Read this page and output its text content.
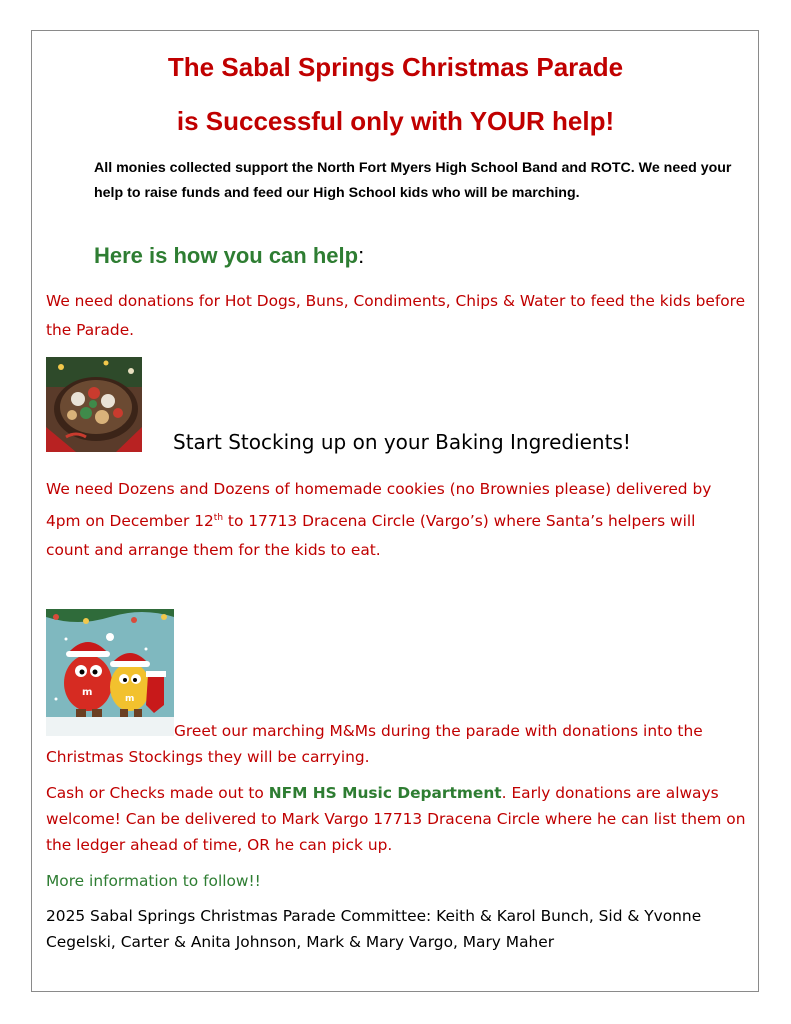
The Sabal Springs Christmas Parade
is Successful only with YOUR help!
All monies collected support the North Fort Myers High School Band and ROTC. We need your help to raise funds and feed our High School kids who will be marching.
Here is how you can help:
We need donations for Hot Dogs, Buns, Condiments, Chips & Water to feed the kids before the Parade.
Start Stocking up on your Baking Ingredients!
We need Dozens and Dozens of homemade cookies (no Brownies please) delivered by 4pm on December 12th to 17713 Dracena Circle (Vargo’s) where Santa’s helpers will count and arrange them for the kids to eat.
m
m
Greet our marching M&Ms during the parade with donations into the Christmas Stockings they will be carrying.
Cash or Checks made out to NFM HS Music Department. Early donations are always welcome! Can be delivered to Mark Vargo 17713 Dracena Circle where he can list them on the ledger ahead of time, OR he can pick up.
More information to follow!!
2025 Sabal Springs Christmas Parade Committee: Keith & Karol Bunch, Sid & Yvonne Cegelski, Carter & Anita Johnson, Mark & Mary Vargo, Mary Maher
